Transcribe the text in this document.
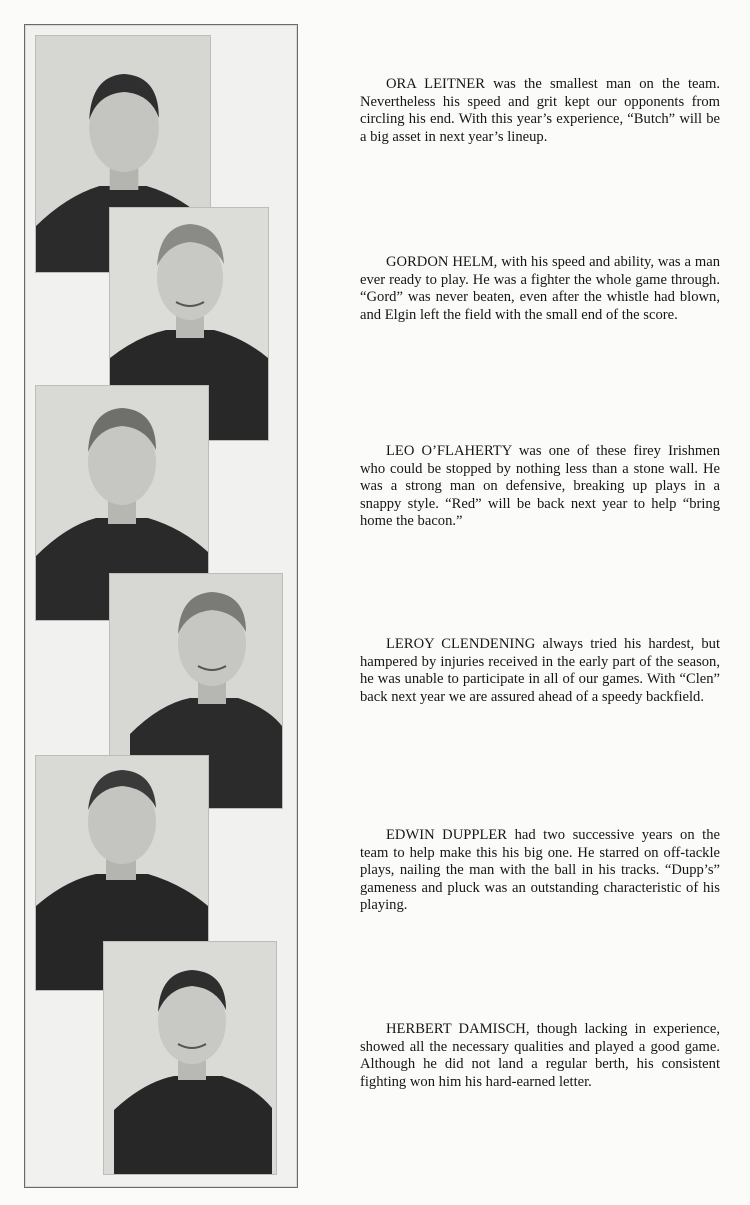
ORA LEITNER was the smallest man on the team. Nevertheless his speed and grit kept our opponents from circling his end. With this year’s experience, “Butch” will be a big asset in next year’s lineup.

GORDON HELM, with his speed and ability, was a man ever ready to play. He was a fighter the whole game through. “Gord” was never beaten, even after the whistle had blown, and Elgin left the field with the small end of the score.

LEO O’FLAHERTY was one of these firey Irishmen who could be stopped by nothing less than a stone wall. He was a strong man on defensive, breaking up plays in a snappy style. “Red” will be back next year to help “bring home the bacon.”

LEROY CLENDENING always tried his hardest, but hampered by injuries received in the early part of the season, he was unable to participate in all of our games. With “Clen” back next year we are assured ahead of a speedy backfield.

EDWIN DUPPLER had two successive years on the team to help make this his big one. He starred on off-tackle plays, nailing the man with the ball in his tracks. “Dupp’s” gameness and pluck was an outstanding characteristic of his playing.

HERBERT DAMISCH, though lacking in experience, showed all the necessary qualities and played a good game. Although he did not land a regular berth, his consistent fighting won him his hard-earned letter.
